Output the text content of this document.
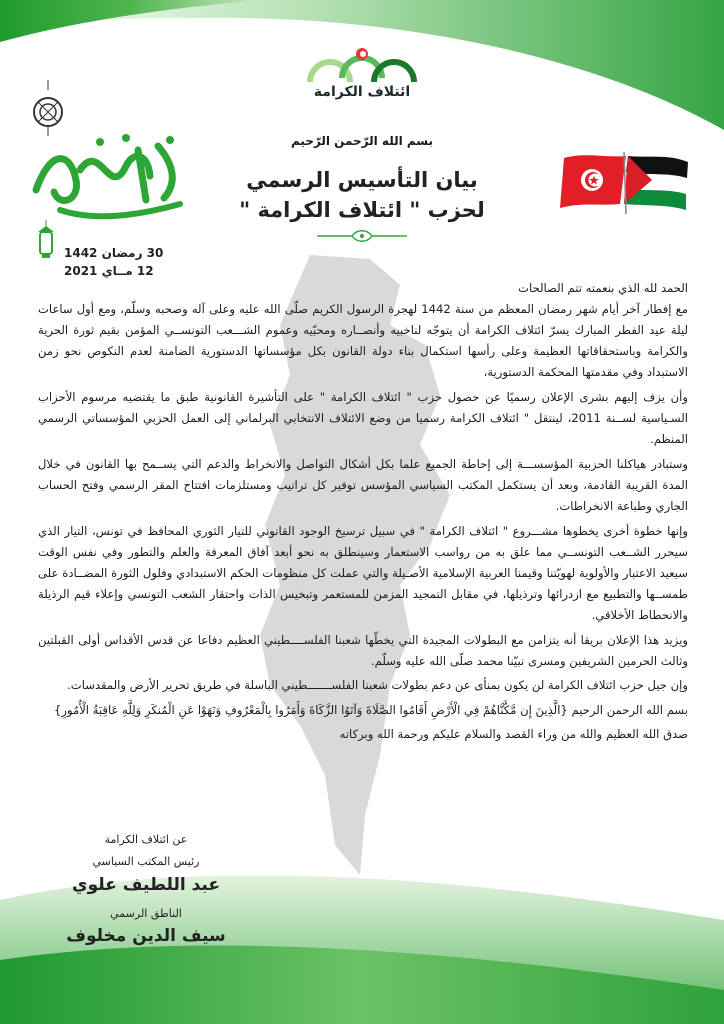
ائتلاف الكرامة
بسم الله الرّحمن الرّحيم
بيان التأسيس الرسمي
لحزب " ائتلاف الكرامة "
30 رمضان 1442
12 مــاي 2021

الحمد لله الذي بنعمته تتم الصالحات

مع إفطار آخر أيام شهر رمضان المعظم من سنة 1442 لهجرة الرسول الكريم صلّى الله عليه وعلى آله وصحبه وسلّم، ومع أول ساعات ليلة عيد الفطر المبارك يسرّ ائتلاف الكرامة أن يتوجّه لناخبيه وأنصــاره ومحبّيه وعموم الشـــعب التونســي المؤمن بقيم ثورة الحرية والكرامة وباستحقاقاتها العظيمة وعلى رأسها استكمال بناء دولة القانون بكل مؤسساتها الدستورية الضامنة لعدم النكوص نحو زمن الاستبداد وفي مقدمتها المحكمة الدستورية،

وأن يزف إليهم بشرى الإعلان رسميًا عن حصول حزب " ائتلاف الكرامة " على التأشيرة القانونية طبق ما يقتضيه مرسوم الأحزاب السـياسية لســنة 2011، لينتقل " ائتلاف الكرامة رسميا من وضع الائتلاف الانتخابي البرلماني إلى العمل الحزبي المؤسساتي الرسمي المنظم.

وستبادر هياكلنا الحزبية المؤسســـة إلى إحاطة الجميع علما بكل أشكال التواصل والانخراط والدعم التي يســمح بها القانون في خلال المدة القريبة القادمة، وبعد أن يستكمل المكتب السياسي المؤسس توفير كل تراتيب ومستلزمات افتتاح المقر الرسمي وفتح الحساب الجاري وطباعة الانخراطات.

وإنها خطوة أخرى يخطوها مشـــروع " ائتلاف الكرامة " في سبيل ترسيخ الوجود القانوني للتيار الثوري المحافظ في تونس، التيار الذي سيحرر الشــعب التونســي مما علق به من رواسب الاستعمار وسينطلق به نحو أبعد آفاق المعرفة والعلم والتطور وفي نفس الوقت سيعيد الاعتبار والأولوية لهويّتنا وقيمنا العربية الإسلامية الأصـيلة والتي عملت كل منظومات الحكم الاستبدادي وفلول الثورة المضــادة على طمســها والتطبيع مع ازدرائها وترذيلها، في مقابل التمجيد المزمن للمستعمر وتبخيس الذات واحتقار الشعب التونسي وإعلاء قيم الرذيلة والانحطاط الأخلاقي.

ويزيد هذا الإعلان بريقا أنه يتزامن مع البطولات المجيدة التي يخطّها شعبنا الفلســــطيني العظيم دفاعا عن قدس الأقداس أولى القبلتين وثالث الحرمين الشريفين ومسرى نبيّنا محمد صلّى الله عليه وسلّم.

وإن جيل حزب ائتلاف الكرامة لن يكون بمنأى عن دعم بطولات شعبنا الفلســـــــطيني الباسلة في طريق تحرير الأرض والمقدسات.

بسم الله الرحمن الرحيم {الَّذِينَ إِن مَّكَّنَّاهُمْ فِي الْأَرْضِ أَقَامُوا الصَّلَاةَ وَآتَوُا الزَّكَاةَ وَأَمَرُوا بِالْمَعْرُوفِ وَنَهَوْا عَنِ الْمُنكَرِ وَلِلَّهِ عَاقِبَةُ الْأُمُورِ}

صدق الله العظيم والله من وراء القصد والسلام عليكم ورحمة الله وبركاته

عن ائتلاف الكرامة
رئيس المكتب السياسي
عبد اللطيف علوي
الناطق الرسمي
سيف الدين مخلوف
